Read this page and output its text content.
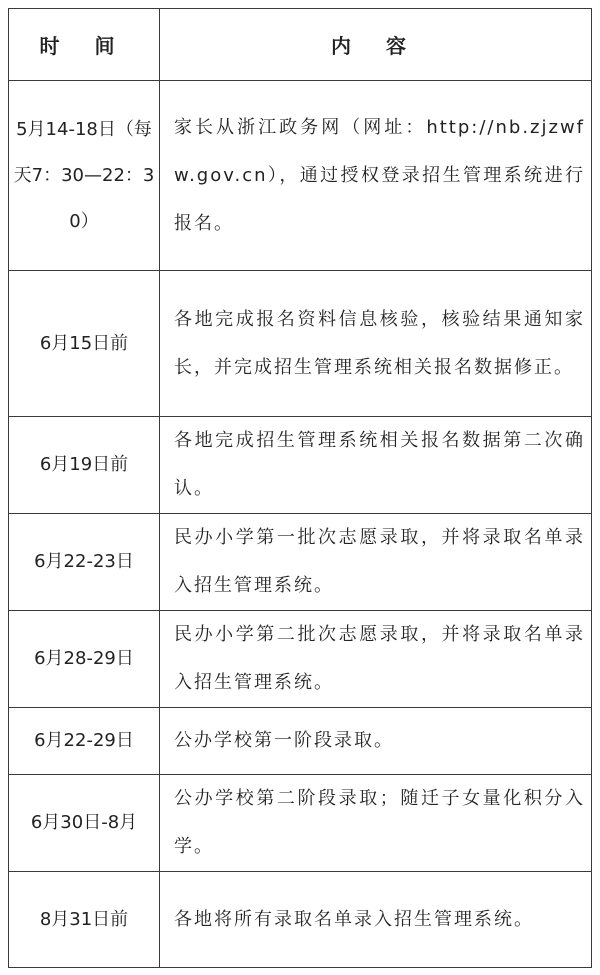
时 间	内 容
5月14-18日（每天7：30—22：30）	家长从浙江政务网（网址：http://nb.zjzwfw.gov.cn），通过授权登录招生管理系统进行报名。
6月15日前	各地完成报名资料信息核验，核验结果通知家长，并完成招生管理系统相关报名数据修正。
6月19日前	各地完成招生管理系统相关报名数据第二次确认。
6月22-23日	民办小学第一批次志愿录取，并将录取名单录入招生管理系统。
6月28-29日	民办小学第二批次志愿录取，并将录取名单录入招生管理系统。
6月22-29日	公办学校第一阶段录取。
6月30日-8月	公办学校第二阶段录取；随迁子女量化积分入学。
8月31日前	各地将所有录取名单录入招生管理系统。
